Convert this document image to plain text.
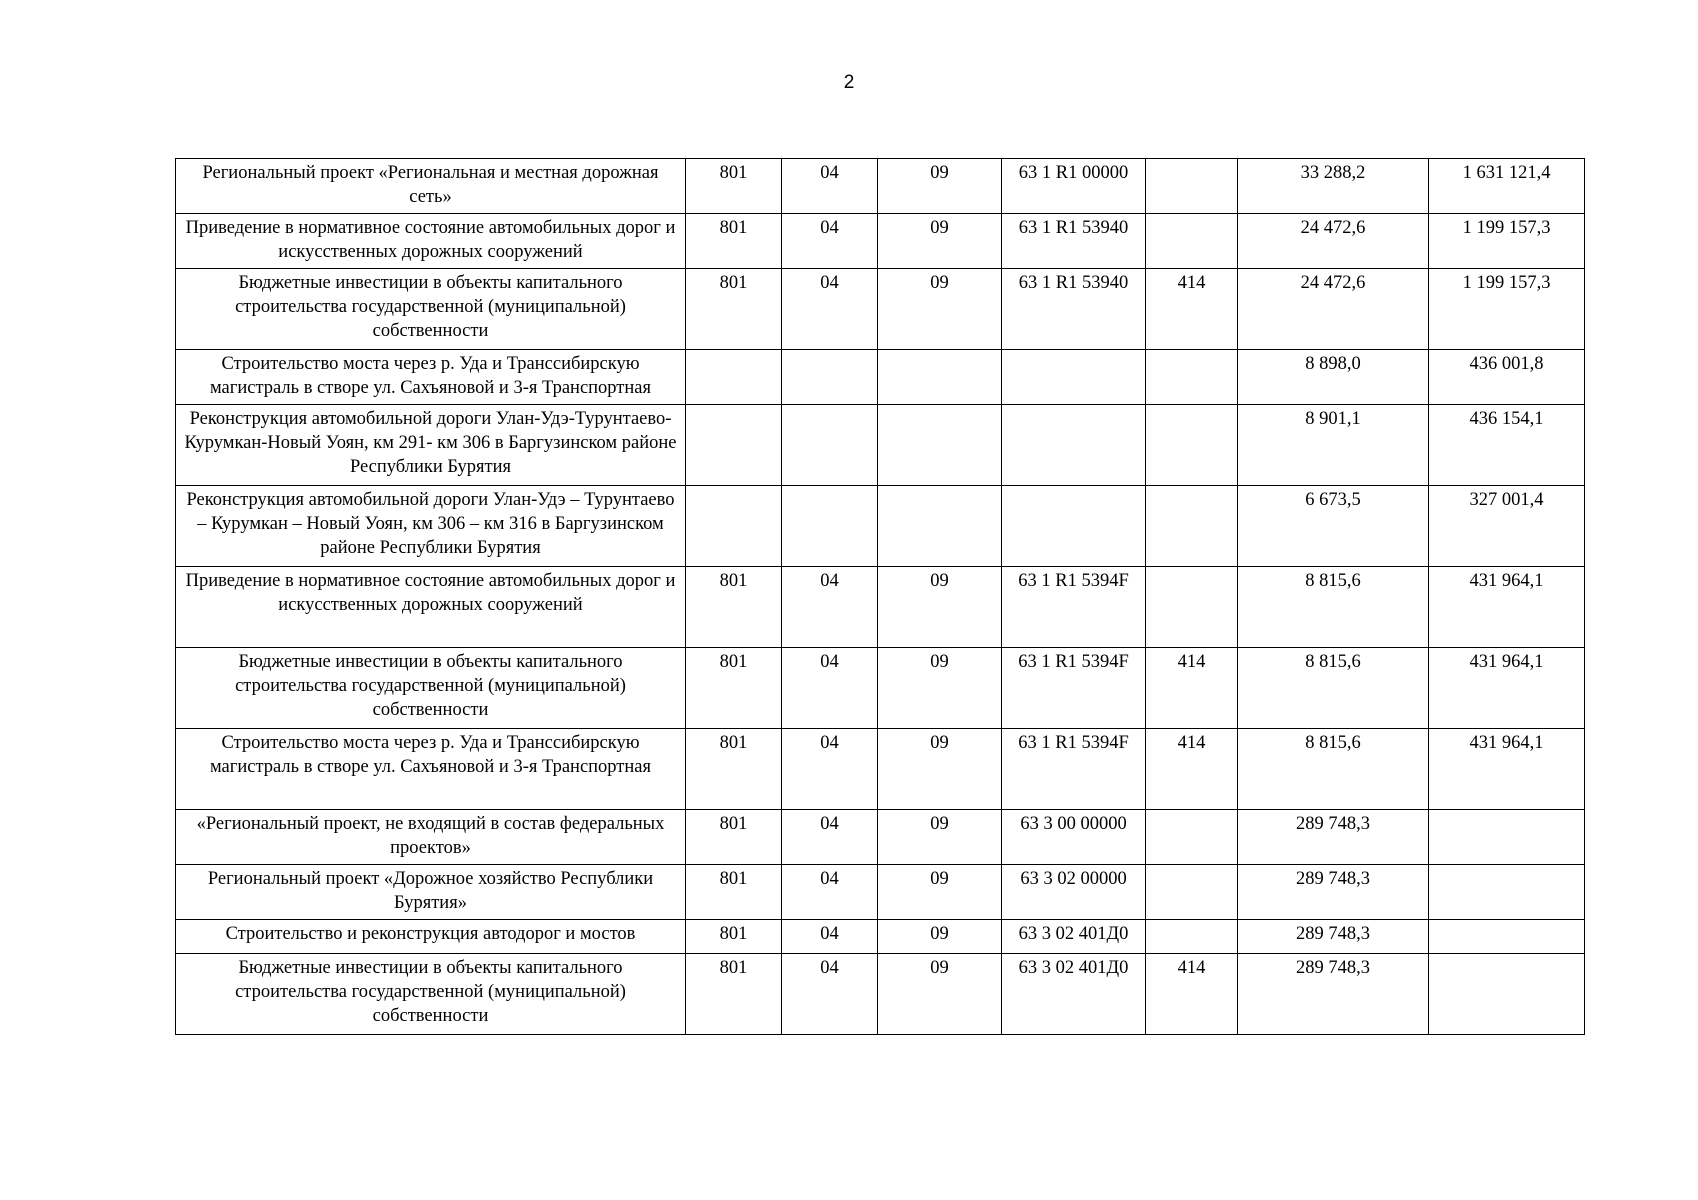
2
Региональный проект «Региональная и местная дорожная сеть»	801	04	09	63 1 R1 00000		33 288,2	1 631 121,4
Приведение в нормативное состояние автомобильных дорог и искусственных дорожных сооружений	801	04	09	63 1 R1 53940		24 472,6	1 199 157,3
Бюджетные инвестиции в объекты капитального строительства государственной (муниципальной) собственности	801	04	09	63 1 R1 53940	414	24 472,6	1 199 157,3
Строительство моста через р. Уда и Транссибирскую магистраль в створе ул. Сахъяновой и 3-я Транспортная						8 898,0	436 001,8
Реконструкция автомобильной дороги Улан-Удэ-Турунтаево-Курумкан-Новый Уоян, км 291- км 306 в Баргузинском районе Республики Бурятия						8 901,1	436 154,1
Реконструкция автомобильной дороги Улан-Удэ – Турунтаево – Курумкан – Новый Уоян, км 306 – км 316 в Баргузинском районе Республики Бурятия						6 673,5	327 001,4
Приведение в нормативное состояние автомобильных дорог и искусственных дорожных сооружений	801	04	09	63 1 R1 5394F		8 815,6	431 964,1
Бюджетные инвестиции в объекты капитального строительства государственной (муниципальной) собственности	801	04	09	63 1 R1 5394F	414	8 815,6	431 964,1
Строительство моста через р. Уда и Транссибирскую магистраль в створе ул. Сахъяновой и 3-я Транспортная	801	04	09	63 1 R1 5394F	414	8 815,6	431 964,1
«Региональный проект, не входящий в состав федеральных проектов»	801	04	09	63 3 00 00000		289 748,3	
Региональный проект «Дорожное хозяйство Республики Бурятия»	801	04	09	63 3 02 00000		289 748,3	
Строительство и реконструкция автодорог и мостов	801	04	09	63 3 02 401Д0		289 748,3	
Бюджетные инвестиции в объекты капитального строительства государственной (муниципальной) собственности	801	04	09	63 3 02 401Д0	414	289 748,3	
